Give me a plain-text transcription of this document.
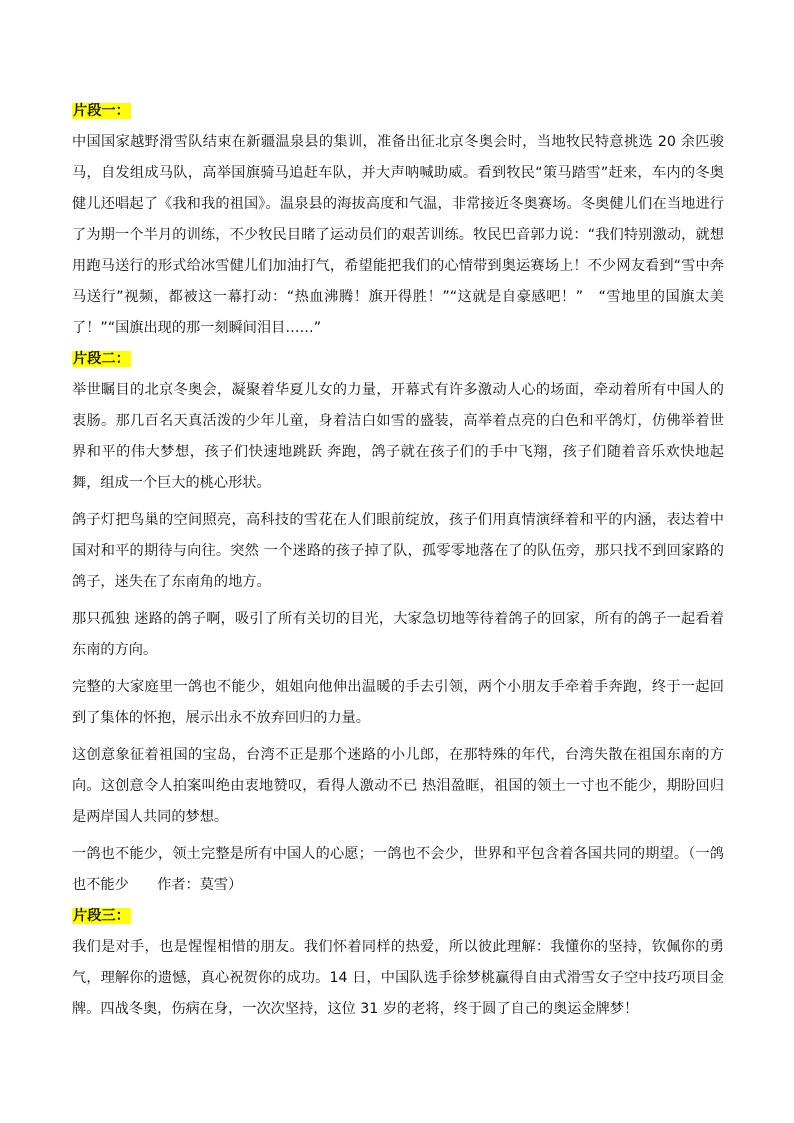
片段一：

中国国家越野滑雪队结束在新疆温泉县的集训，准备出征北京冬奥会时，当地牧民特意挑选 20 余匹骏马，自发组成马队，高举国旗骑马追赶车队，并大声呐喊助威。看到牧民“策马踏雪”赶来，车内的冬奥健儿还唱起了《我和我的祖国》。温泉县的海拔高度和气温，非常接近冬奥赛场。冬奥健儿们在当地进行了为期一个半月的训练，不少牧民目睹了运动员们的艰苦训练。牧民巴音郭力说：“我们特别激动，就想用跑马送行的形式给冰雪健儿们加油打气，希望能把我们的心情带到奥运赛场上！不少网友看到“雪中奔马送行”视频，都被这一幕打动：“热血沸腾！旗开得胜！”“这就是自豪感吧！”　“雪地里的国旗太美了！”“国旗出现的那一刻瞬间泪目……”

片段二：

举世瞩目的北京冬奥会，凝聚着华夏儿女的力量，开幕式有许多激动人心的场面，牵动着所有中国人的衷肠。那几百名天真活泼的少年儿童，身着洁白如雪的盛装，高举着点亮的白色和平鸽灯，仿佛举着世界和平的伟大梦想，孩子们快速地跳跃 奔跑，鸽子就在孩子们的手中飞翔，孩子们随着音乐欢快地起舞，组成一个巨大的桃心形状。

鸽子灯把鸟巢的空间照亮，高科技的雪花在人们眼前绽放，孩子们用真情演绎着和平的内涵，表达着中国对和平的期待与向往。突然 一个迷路的孩子掉了队，孤零零地落在了的队伍旁，那只找不到回家路的鸽子，迷失在了东南角的地方。

那只孤独 迷路的鸽子啊，吸引了所有关切的目光，大家急切地等待着鸽子的回家，所有的鸽子一起看着东南的方向。

完整的大家庭里一鸽也不能少，姐姐向他伸出温暖的手去引领，两个小朋友手牵着手奔跑，终于一起回到了集体的怀抱，展示出永不放弃回归的力量。

这创意象征着祖国的宝岛，台湾不正是那个迷路的小儿郎，在那特殊的年代，台湾失散在祖国东南的方向。这创意令人拍案叫绝由衷地赞叹，看得人激动不已 热泪盈眶，祖国的领土一寸也不能少，期盼回归是两岸国人共同的梦想。

一鸽也不能少，领土完整是所有中国人的心愿；一鸽也不会少，世界和平包含着各国共同的期望。（一鸽也不能少　　作者：莫雪）

片段三：

我们是对手，也是惺惺相惜的朋友。我们怀着同样的热爱，所以彼此理解：我懂你的坚持，钦佩你的勇气，理解你的遗憾，真心祝贺你的成功。14 日，中国队选手徐梦桃赢得自由式滑雪女子空中技巧项目金牌。四战冬奥，伤病在身，一次次坚持，这位 31 岁的老将，终于圆了自己的奥运金牌梦！
